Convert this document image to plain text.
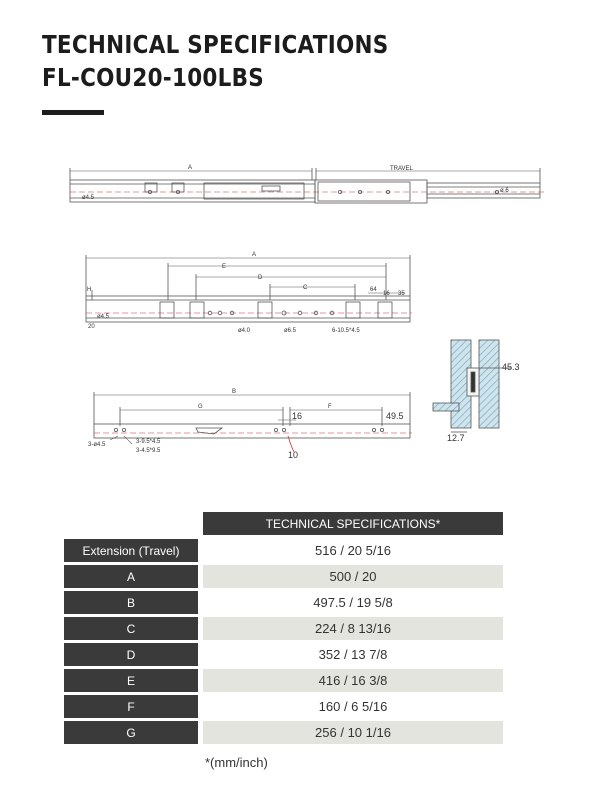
TECHNICAL SPECIFICATIONS
FL-COU20-100LBS
A	TRAVEL
ø4.5
ø 6
A
E
D
C
H	64
16 35
ø4.5
20
ø4.0	ø6.5	6-10.5*4.5
45.3
12.7
B
G	F
16	49.5
3-ø4.5	3-9.5*4.5
3-4.5*9.5	10
TECHNICAL SPECIFICATIONS*
Extension (Travel)	516 / 20 5/16
A	500 / 20
B	497.5 / 19 5/8
C	224 / 8 13/16
D	352 / 13 7/8
E	416 / 16 3/8
F	160 / 6 5/16
G	256 / 10 1/16
*(mm/inch)
